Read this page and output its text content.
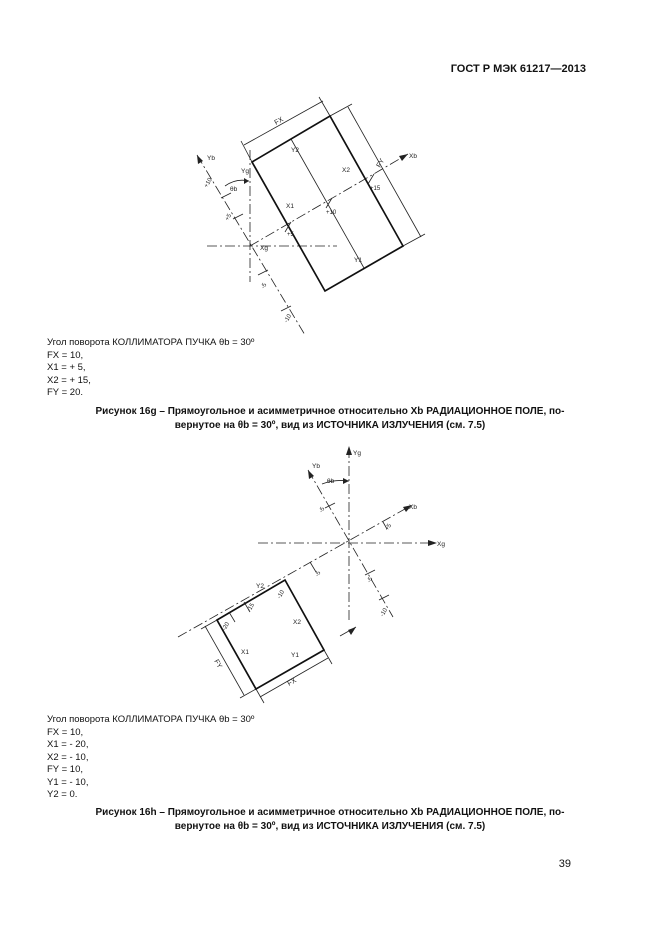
ГОСТ Р МЭК 61217—2013
FX
FY
Y2
Y1
X1
X2
Yg
Yb	Xb
Xg
θb
+10
+5
-5
-10
+5
+10
+15
Yb
Yg
Xb
Xg
θb
-5
+5
-5
-5
-10
Y2
-15
-10
-20
X1
X2
Y1
FX
FY
Угол поворота КОЛЛИМАТОРА ПУЧКА θb = 30º
FX = 10,
X1 = + 5,
X2 = + 15,
FY = 20.
Рисунок 16g – Прямоугольное и асимметричное относительно Xb РАДИАЦИОННОЕ ПОЛЕ, по-
вернутое на θb = 30º, вид из ИСТОЧНИКА ИЗЛУЧЕНИЯ (см. 7.5)
Угол поворота КОЛЛИМАТОРА ПУЧКА θb = 30º
FX = 10,
X1 = - 20,
X2 = - 10,
FY = 10,
Y1 = - 10,
Y2 = 0.
Рисунок 16h – Прямоугольное и асимметричное относительно Xb РАДИАЦИОННОЕ ПОЛЕ, по-
вернутое на θb = 30º, вид из ИСТОЧНИКА ИЗЛУЧЕНИЯ (см. 7.5)
39
